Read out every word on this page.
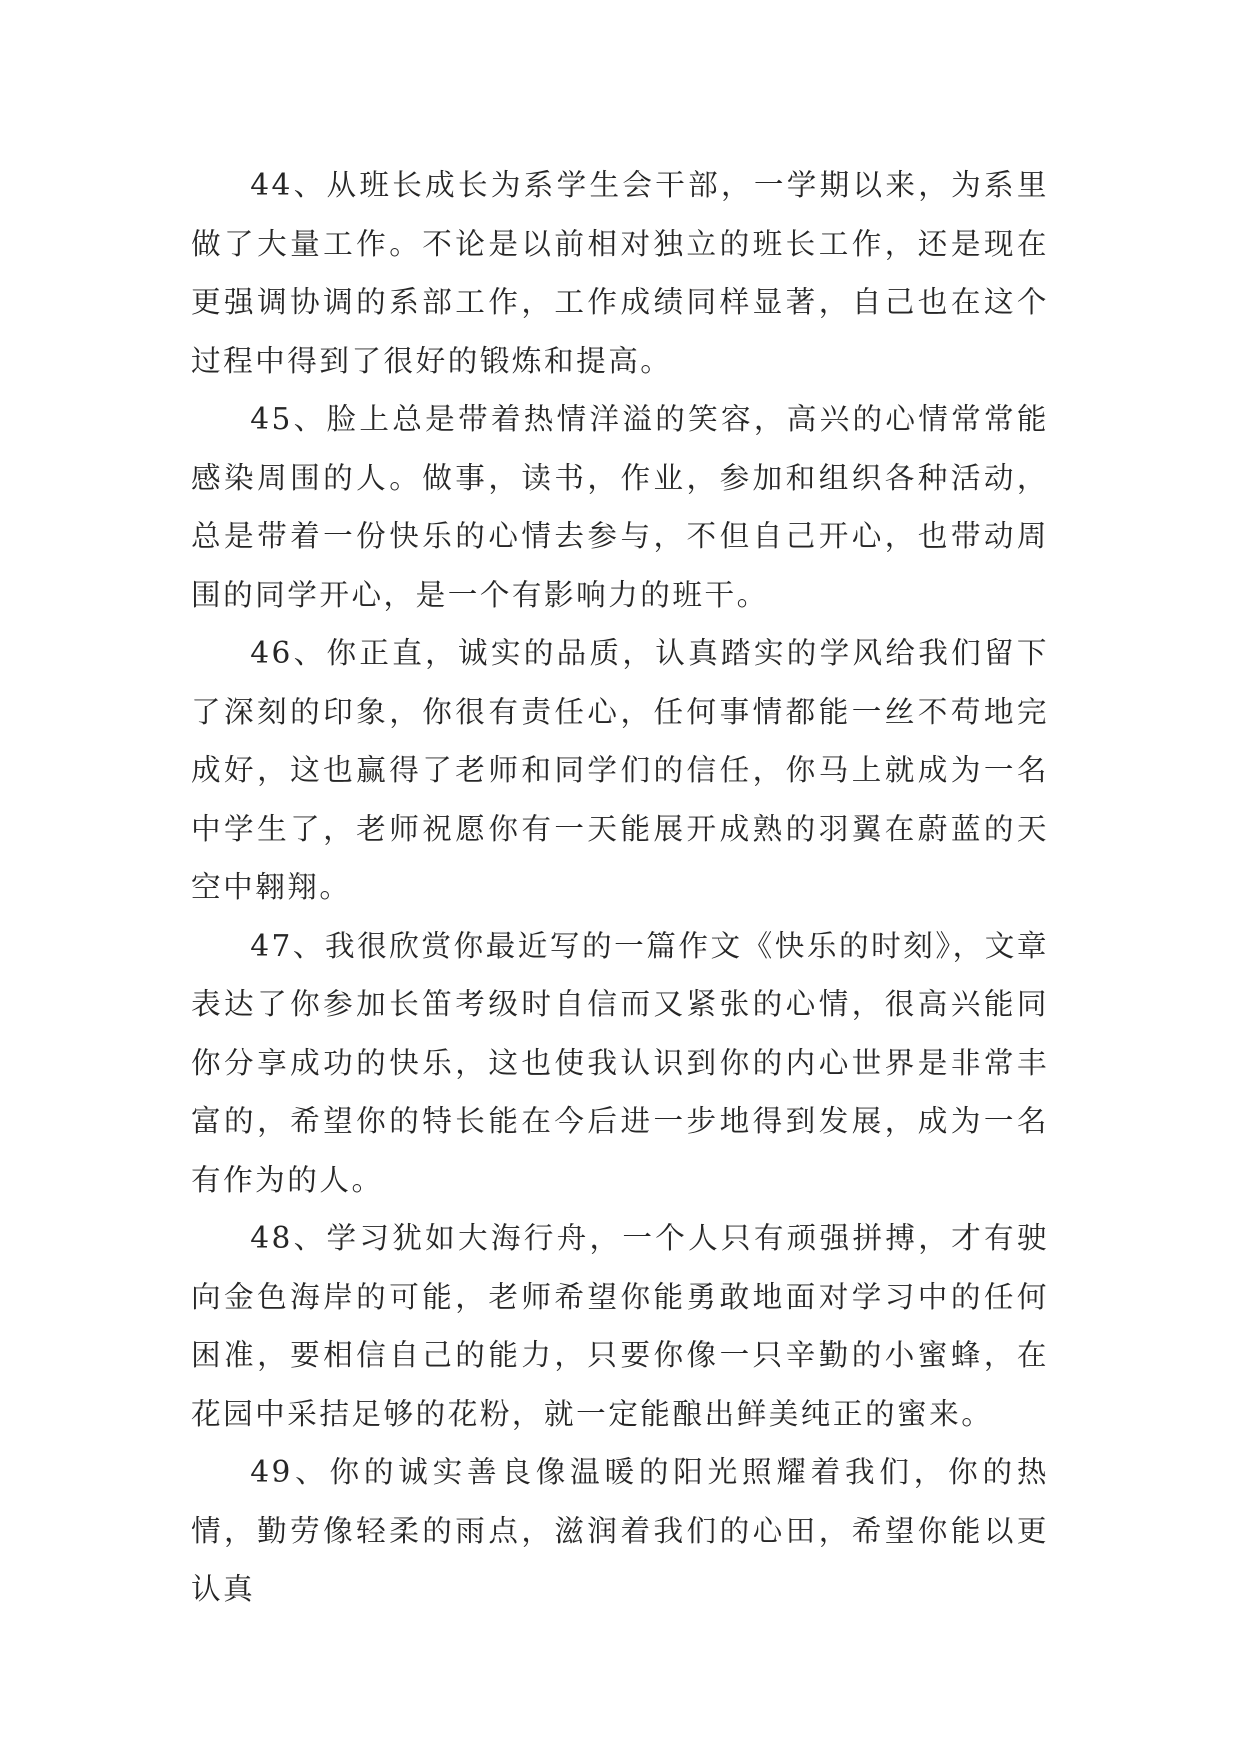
44、从班长成长为系学生会干部，一学期以来，为系里做了大量工作。不论是以前相对独立的班长工作，还是现在更强调协调的系部工作，工作成绩同样显著，自己也在这个过程中得到了很好的锻炼和提高。

45、脸上总是带着热情洋溢的笑容，高兴的心情常常能感染周围的人。做事，读书，作业，参加和组织各种活动，总是带着一份快乐的心情去参与，不但自己开心，也带动周围的同学开心，是一个有影响力的班干。

46、你正直，诚实的品质，认真踏实的学风给我们留下了深刻的印象，你很有责任心，任何事情都能一丝不苟地完成好，这也赢得了老师和同学们的信任，你马上就成为一名中学生了，老师祝愿你有一天能展开成熟的羽翼在蔚蓝的天空中翱翔。

47、我很欣赏你最近写的一篇作文《快乐的时刻》，文章表达了你参加长笛考级时自信而又紧张的心情，很高兴能同你分享成功的快乐，这也使我认识到你的内心世界是非常丰富的，希望你的特长能在今后进一步地得到发展，成为一名有作为的人。

48、学习犹如大海行舟，一个人只有顽强拼搏，才有驶向金色海岸的可能，老师希望你能勇敢地面对学习中的任何困准，要相信自己的能力，只要你像一只辛勤的小蜜蜂，在花园中采拮足够的花粉，就一定能酿出鲜美纯正的蜜来。

49、你的诚实善良像温暖的阳光照耀着我们，你的热情，勤劳像轻柔的雨点，滋润着我们的心田，希望你能以更认真
